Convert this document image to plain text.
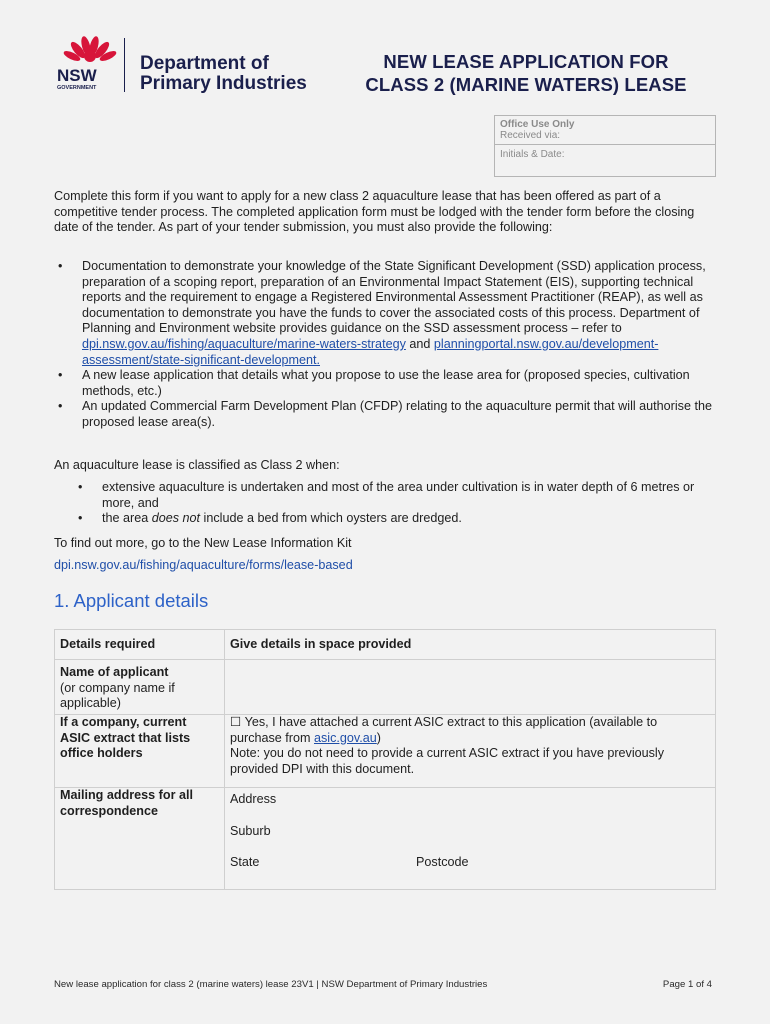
NSW
GOVERNMENT
Department of
Primary Industries
NEW LEASE APPLICATION FOR
CLASS 2 (MARINE WATERS) LEASE
Office Use Only
Received via:
Initials & Date:
Complete this form if you want to apply for a new class 2 aquaculture lease that has been offered as part of a competitive tender process. The completed application form must be lodged with the tender form before the closing date of the tender. As part of your tender submission, you must also provide the following:
• Documentation to demonstrate your knowledge of the State Significant Development (SSD) application process, preparation of a scoping report, preparation of an Environmental Impact Statement (EIS), supporting technical reports and the requirement to engage a Registered Environmental Assessment Practitioner (REAP), as well as documentation to demonstrate you have the funds to cover the associated costs of this process. Department of Planning and Environment website provides guidance on the SSD assessment process – refer to dpi.nsw.gov.au/fishing/aquaculture/marine-waters-strategy and planningportal.nsw.gov.au/development-assessment/state-significant-development.
• A new lease application that details what you propose to use the lease area for (proposed species, cultivation methods, etc.)
• An updated Commercial Farm Development Plan (CFDP) relating to the aquaculture permit that will authorise the proposed lease area(s).
An aquaculture lease is classified as Class 2 when:
• extensive aquaculture is undertaken and most of the area under cultivation is in water depth of 6 metres or more, and
• the area does not include a bed from which oysters are dredged.
To find out more, go to the New Lease Information Kit
dpi.nsw.gov.au/fishing/aquaculture/forms/lease-based
1. Applicant details
Details required	Give details in space provided

Name of applicant
(or company name if applicable)	

If a company, current ASIC extract that lists office holders	☐ Yes, I have attached a current ASIC extract to this application (available to purchase from asic.gov.au)
Note: you do not need to provide a current ASIC extract if you have previously provided DPI with this document.

Mailing address for all correspondence	Address
Suburb
State Postcode
New lease application for class 2 (marine waters) lease 23V1 | NSW Department of Primary Industries	Page 1 of 4
